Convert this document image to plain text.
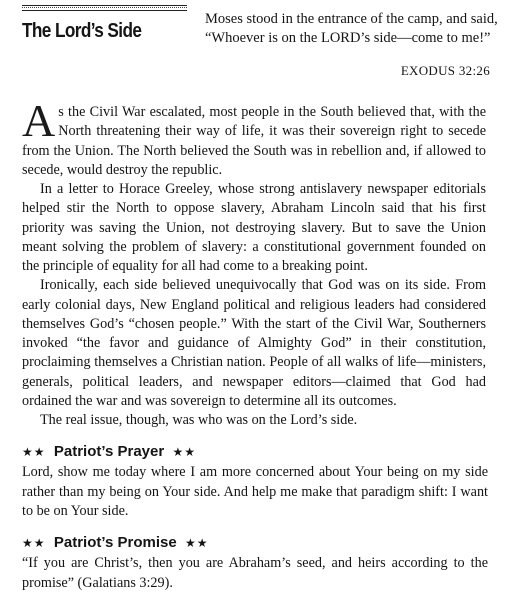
The Lord’s Side
Moses stood in the entrance of the camp, and said,
“Whoever is on the LORD’s side—come to me!”
EXODUS 32:26

As the Civil War escalated, most people in the South believed that, with the North threatening their way of life, it was their sovereign right to secede from the Union. The North believed the South was in rebellion and, if allowed to secede, would destroy the republic.

In a letter to Horace Greeley, whose strong antislavery newspaper editorials helped stir the North to oppose slavery, Abraham Lincoln said that his first priority was saving the Union, not destroying slavery. But to save the Union meant solving the problem of slavery: a constitutional government founded on the principle of equality for all had come to a breaking point.

Ironically, each side believed unequivocally that God was on its side. From early colonial days, New England political and religious leaders had considered themselves God’s “chosen people.” With the start of the Civil War, Southerners invoked “the favor and guidance of Almighty God” in their constitution, proclaiming themselves a Christian nation. People of all walks of life—ministers, generals, political leaders, and newspaper editors—claimed that God had ordained the war and was sovereign to determine all its outcomes.

The real issue, though, was who was on the Lord’s side.

★★ Patriot’s Prayer ★★
Lord, show me today where I am more concerned about Your being on my side rather than my being on Your side. And help me make that paradigm shift: I want to be on Your side.
★★ Patriot’s Promise ★★
“If you are Christ’s, then you are Abraham’s seed, and heirs according to the promise” (Galatians 3:29).
